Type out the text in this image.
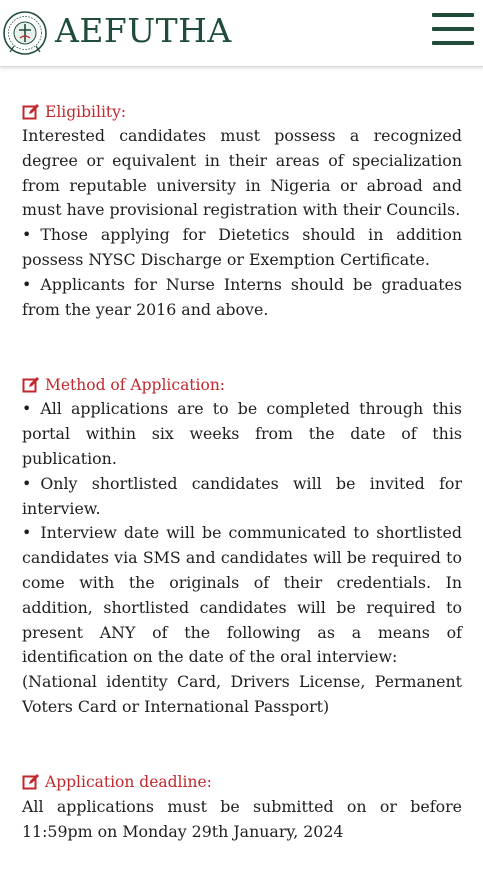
AEFUTHA
Eligibility:

Interested candidates must possess a recognized degree or equivalent in their areas of specialization from reputable university in Nigeria or abroad and must have provisional registration with their Councils.

• Those applying for Dietetics should in addition possess NYSC Discharge or Exemption Certificate.

• Applicants for Nurse Interns should be graduates from the year 2016 and above.

Method of Application:

• All applications are to be completed through this portal within six weeks from the date of this publication.

• Only shortlisted candidates will be invited for interview.

• Interview date will be communicated to shortlisted candidates via SMS and candidates will be required to come with the originals of their credentials. In addition, shortlisted candidates will be required to present ANY of the following as a means of identification on the date of the oral interview:

(National identity Card, Drivers License, Permanent Voters Card or International Passport)

Application deadline:

All applications must be submitted on or before 11:59pm on Monday 29th January, 2024
